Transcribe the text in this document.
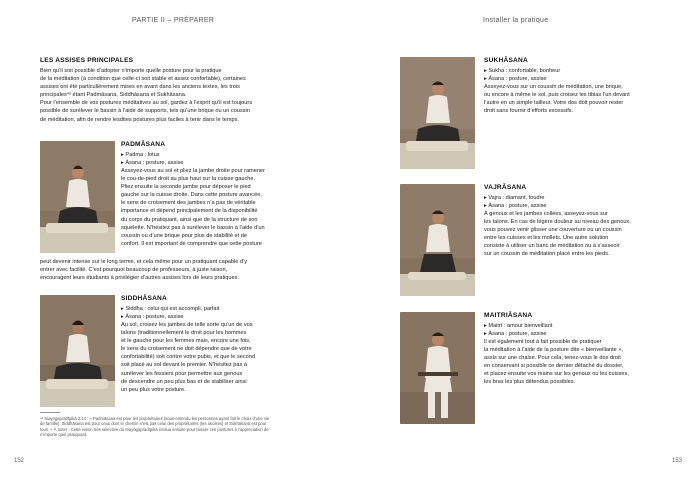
PARTIE II – PRÉPARER	Installer la pratique
LES ASSISES PRINCIPALES

Bien qu’il soit possible d’adopter n’importe quelle posture pour la pratique

de la méditation (à condition que celle-ci soit stable et assez confortable), certaines

assises ont été particulièrement mises en avant dans les anciens textes, les trois

principales⁴² étant Padmāsana, Siddhāsana et Sukhāsana.

Pour l’ensemble de vos postures méditatives au sol, gardez à l’esprit qu’il est toujours

possible de surélever le bassin à l’aide de supports, tels qu’une brique ou un coussin

de méditation, afin de rendre lesdites postures plus faciles à tenir dans le temps.

PADMĀSANA

▸ Padma : lotus

▸ Āsana : posture, assise

Asseyez-vous au sol et pliez la jambe droite pour ramener

le cou-de-pied droit au plus haut sur la cuisse gauche.

Pliez ensuite la seconde jambe pour déposer le pied

gauche sur la cuisse droite. Dans cette posture avancée,

le sens de croisement des jambes n’a pas de véritable

importance et dépend principalement de la disponibilité

du corps du pratiquant, ainsi que de la structure de son

squelette. N’hésitez pas à surélever le bassin à l’aide d’un

coussin ou d’une brique pour plus de stabilité et de

confort. Il est important de comprendre que cette posture

peut devenir intense sur le long terme, et cela même pour un pratiquant capable d’y

entrer avec facilité. C’est pourquoi beaucoup de professeurs, à juste raison,

encouragent leurs étudiants à privilégier d’autres assises lors de leurs pratiques.

SIDDHĀSANA

▸ Siddha : celui qui est accompli, parfait

▸ Āsana : posture, assise

Au sol, croisez les jambes de telle sorte qu’un de vos

talons (traditionnellement le droit pour les hommes

et le gauche pour les femmes mais, encore une fois,

le sens du croisement ne doit dépendre que de votre

confortabilité) soit contre votre pubis, et que le second

soit placé au sol devant le premier. N’hésitez pas à

surélever les fessiers pour permettre aux genoux

de descendre un peu plus bas et de stabiliser ainsi

un peu plus votre posture.

⁴² Siayogapradīpikā 2.14 : « Padmāsana est pour les propriétaires (sous-entendu les personnes ayant fait le choix d’une vie de famille). Siddhāsana est pour ceux dont le chemin n’est pas celui des propriétaires (les ascètes) et Sukhāsana est pour tous. » À noter : Cette vision très sélective du Siayogapradīpikā évolua ensuite pour laisser ces postures à l’appréciation de n’importe quel pratiquant.
SUKHĀSANA

▸ Sukha : confortable, bonheur

▸ Āsana : posture, assise

Asseyez-vous sur un coussin de méditation, une brique,

ou encore à même le sol, puis croisez les tibias l’un devant

l’autre en un simple tailleur. Votre dos doit pouvoir rester

droit sans fournir d’efforts excessifs.

VAJRĀSANA

▸ Vajra : diamant, foudre

▸ Āsana : posture, assise

À genoux et les jambes collées, asseyez-vous sur

les talons. En cas de légère douleur au niveau des genoux,

vous pouvez venir glisser une couverture ou un coussin

entre les cuisses et les mollets. Une autre solution

consiste à utiliser un banc de méditation ou à s’asseoir

sur un coussin de méditation placé entre les pieds.

MAITRIĀSANA

▸ Maitrī : amour bienveillant

▸ Āsana : posture, assise

Il est également tout à fait possible de pratiquer

la méditation à l’aide de la posture dite « bienveillante »,

assis sur une chaise. Pour cela, tenez-vous le dos droit

en conservant si possible ce dernier détaché du dossier,

et placez ensuite vos mains sur les genoux ou les cuisses,

les bras les plus détendus possibles.

152	153
